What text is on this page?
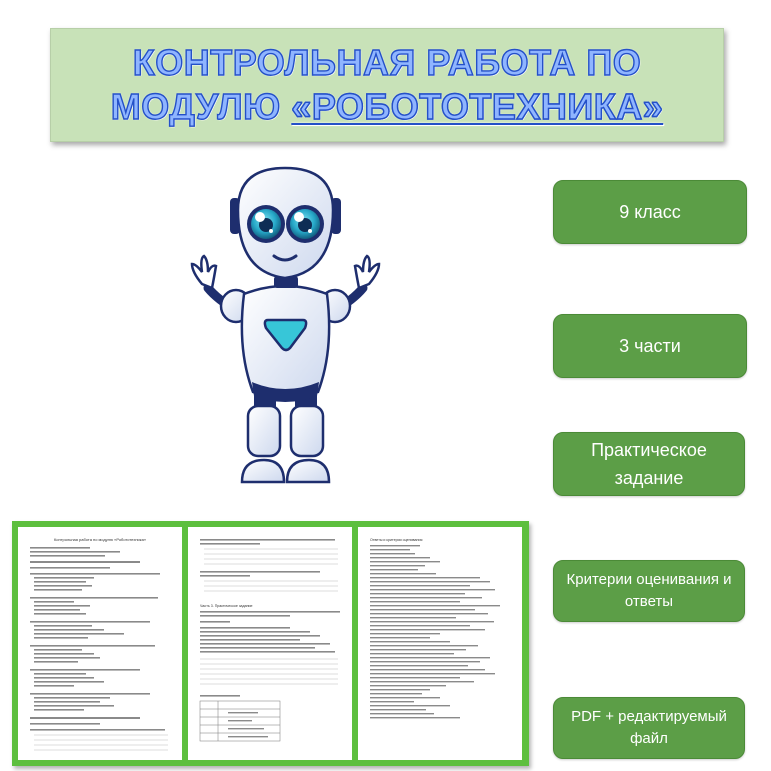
КОНТРОЛЬНАЯ РАБОТА ПО
МОДУЛЮ «РОБОТОТЕХНИКА»
9 класс
3 части
Практическое задание
Критерии оценивания и ответы
PDF + редактируемый файл
Контрольная работа по модулю «Робототехника»
Часть 3. Практическое задание
Ответы и критерии оценивания
